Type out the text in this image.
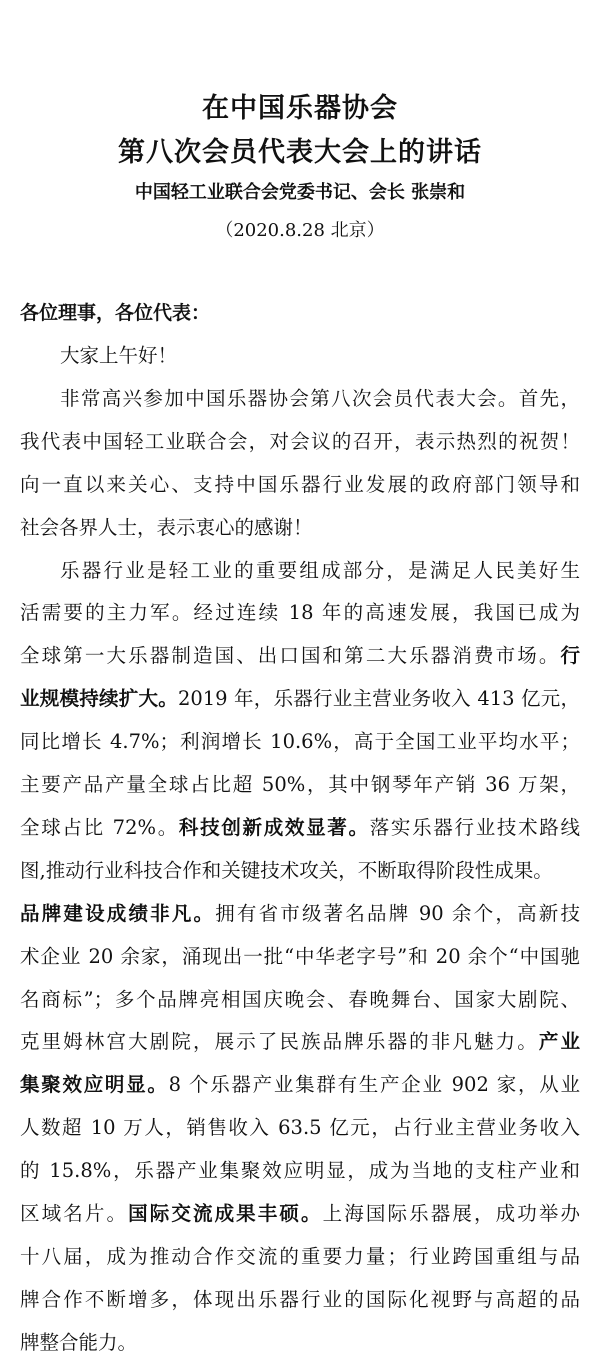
在中国乐器协会
第八次会员代表大会上的讲话
中国轻工业联合会党委书记、会长 张崇和
（2020.8.28 北京）
各位理事，各位代表：
大家上午好！
非常高兴参加中国乐器协会第八次会员代表大会。首先，
我代表中国轻工业联合会，对会议的召开，表示热烈的祝贺！
向一直以来关心、支持中国乐器行业发展的政府部门领导和
社会各界人士，表示衷心的感谢！
乐器行业是轻工业的重要组成部分，是满足人民美好生
活需要的主力军。经过连续 18 年的高速发展，我国已成为
全球第一大乐器制造国、出口国和第二大乐器消费市场。行
业规模持续扩大。2019 年，乐器行业主营业务收入 413 亿元，
同比增长 4.7%；利润增长 10.6%，高于全国工业平均水平；
主要产品产量全球占比超 50%，其中钢琴年产销 36 万架，
全球占比 72%。科技创新成效显著。落实乐器行业技术路线
图,推动行业科技合作和关键技术攻关，不断取得阶段性成果。
品牌建设成绩非凡。拥有省市级著名品牌 90 余个，高新技
术企业 20 余家，涌现出一批“中华老字号”和 20 余个“中国驰
名商标”；多个品牌亮相国庆晚会、春晚舞台、国家大剧院、
克里姆林宫大剧院，展示了民族品牌乐器的非凡魅力。产业
集聚效应明显。8 个乐器产业集群有生产企业 902 家，从业
人数超 10 万人，销售收入 63.5 亿元，占行业主营业务收入
的 15.8%，乐器产业集聚效应明显，成为当地的支柱产业和
区域名片。国际交流成果丰硕。上海国际乐器展，成功举办
十八届，成为推动合作交流的重要力量；行业跨国重组与品
牌合作不断增多，体现出乐器行业的国际化视野与高超的品
牌整合能力。
